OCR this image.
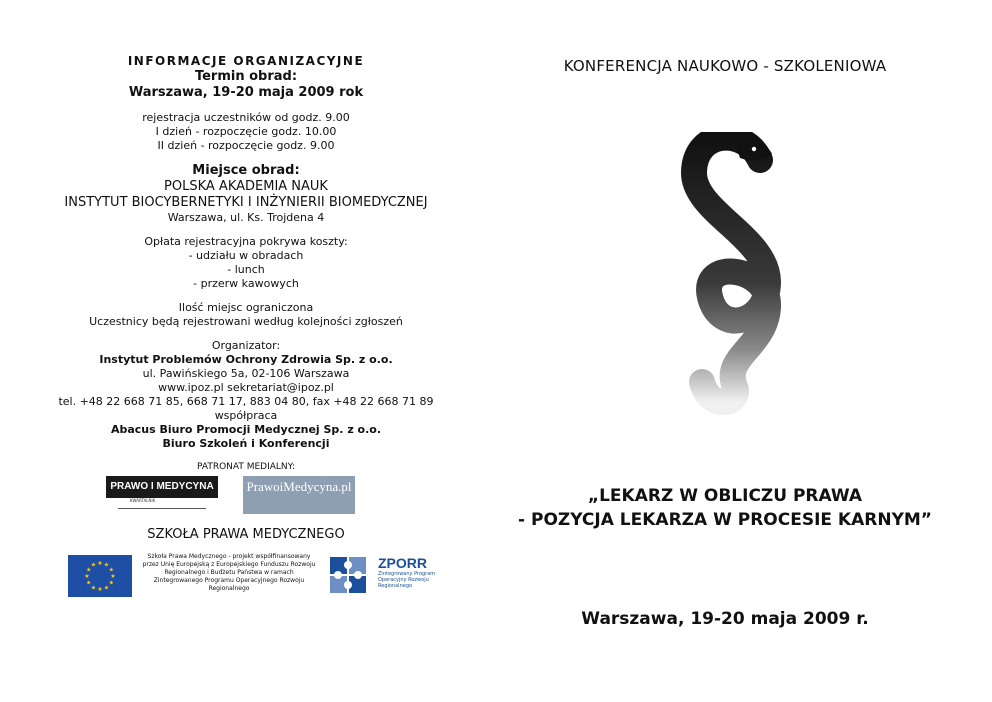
INFORMACJE ORGANIZACYJNE
Termin obrad:
Warszawa, 19-20 maja 2009 rok
rejestracja uczestników od godz. 9.00
I dzień - rozpoczęcie godz. 10.00
II dzień - rozpoczęcie godz. 9.00
Miejsce obrad:
POLSKA AKADEMIA NAUK
INSTYTUT BIOCYBERNETYKI I INŻYNIERII BIOMEDYCZNEJ
Warszawa, ul. Ks. Trojdena 4
Opłata rejestracyjna pokrywa koszty:
- udziału w obradach
- lunch
- przerw kawowych
Ilość miejsc ograniczona
Uczestnicy będą rejestrowani według kolejności zgłoszeń
Organizator:
Instytut Problemów Ochrony Zdrowia Sp. z o.o.
ul. Pawińskiego 5a, 02-106 Warszawa
www.ipoz.pl sekretariat@ipoz.pl
tel. +48 22 668 71 85, 668 71 17, 883 04 80, fax +48 22 668 71 89
współpraca
Abacus Biuro Promocji Medycznej Sp. z o.o.
Biuro Szkoleń i Konferencji
PATRONAT MEDIALNY:
PRAWO I MEDYCYNA
KWARTALNIK
PrawoiMedycyna.pl

SZKOŁA PRAWA MEDYCZNEGO
★
★
★
★
★
★
★
★
★ ★ ★
★
Szkoła Prawa Medycznego - projekt współfinansowany przez Unię Europejską z Europejskiego Funduszu Rozwoju Regionalnego i Budżetu Państwa w ramach Zintegrowanego Programu Operacyjnego Rozwoju Regionalnego
ZPORR
Zintegrowany Program Operacyjny Rozwoju Regionalnego
KONFERENCJA NAUKOWO - SZKOLENIOWA
„LEKARZ W OBLICZU PRAWA
- POZYCJA LEKARZA W PROCESIE KARNYM”
Warszawa, 19-20 maja 2009 r.
